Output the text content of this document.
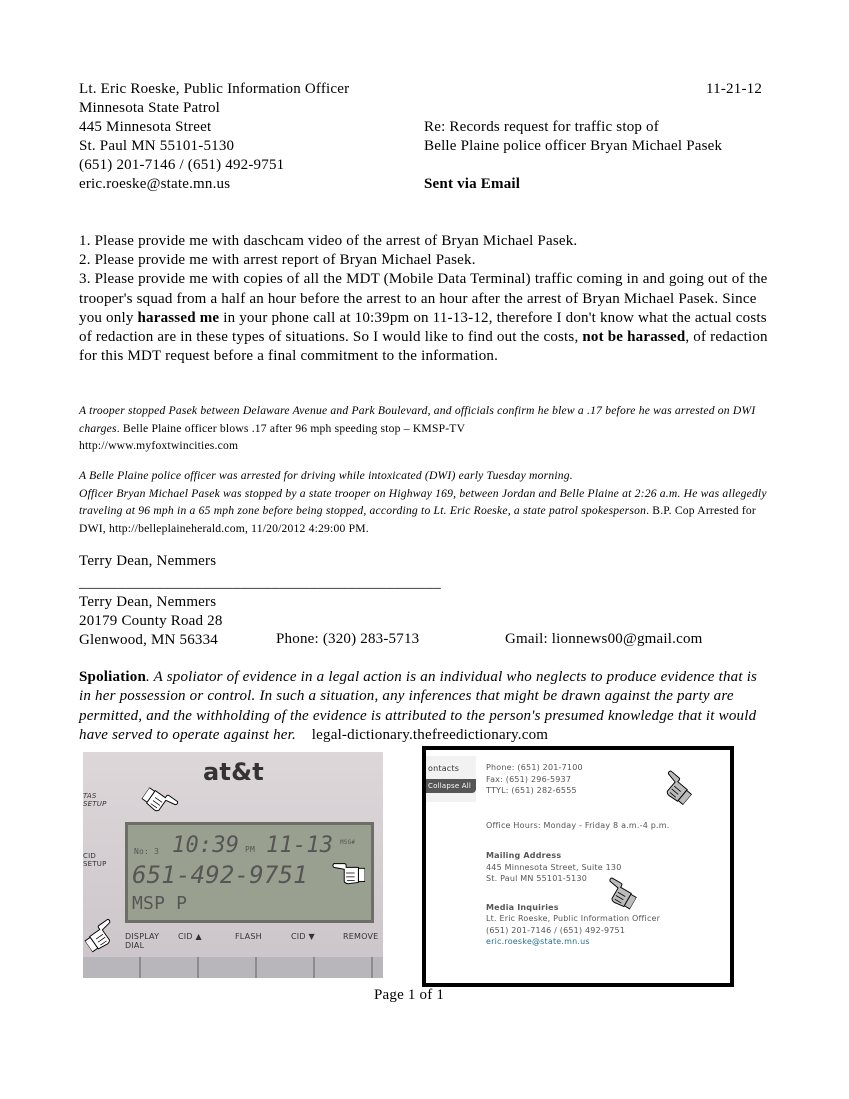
Lt. Eric Roeske, Public Information Officer
Minnesota State Patrol
445 Minnesota Street
St. Paul MN 55101-5130
(651) 201-7146 / (651) 492-9751
eric.roeske@state.mn.us
11-21-12
Re: Records request for traffic stop of
Belle Plaine police officer Bryan Michael Pasek
Sent via Email
1. Please provide me with daschcam video of the arrest of Bryan Michael Pasek.
2. Please provide me with arrest report of Bryan Michael Pasek.
3. Please provide me with copies of all the MDT (Mobile Data Terminal) traffic coming in and going out of the trooper's squad from a half an hour before the arrest to an hour after the arrest of Bryan Michael Pasek. Since you only harassed me in your phone call at 10:39pm on 11-13-12, therefore I don't know what the actual costs of redaction are in these types of situations. So I would like to find out the costs, not be harassed, of redaction for this MDT request before a final commitment to the information.
A trooper stopped Pasek between Delaware Avenue and Park Boulevard, and officials confirm he blew a .17 before he was arrested on DWI charges. Belle Plaine officer blows .17 after 96 mph speeding stop – KMSP-TV
http://www.myfoxtwincities.com
A Belle Plaine police officer was arrested for driving while intoxicated (DWI) early Tuesday morning.
Officer Bryan Michael Pasek was stopped by a state trooper on Highway 169, between Jordan and Belle Plaine at 2:26 a.m. He was allegedly traveling at 96 mph in a 65 mph zone before being stopped, according to Lt. Eric Roeske, a state patrol spokesperson. B.P. Cop Arrested for DWI, http://belleplaineherald.com, 11/20/2012 4:29:00 PM.
Terry Dean, Nemmers
_______________________________________________
Terry Dean, Nemmers
20179 County Road 28
Glenwood, MN 56334	Phone: (320) 283-5713	Gmail: lionnews00@gmail.com
Spoliation. A spoliator of evidence in a legal action is an individual who neglects to produce evidence that is in her possession or control. In such a situation, any inferences that might be drawn against the party are permitted, and the withholding of the evidence is attributed to the person's presumed knowledge that it would have served to operate against her. legal-dictionary.thefreedictionary.com
at&t
TAS SETUP
CID SETUP
No: 3 10:39 PM 11-13 MSG#
651-492-9751
MSP P
DISPLAY DIAL
CID ▲	FLASH	CID ▼	REMOVE
ontacts
Collapse All
Phone: (651) 201-7100
Fax: (651) 296-5937
TTYL: (651) 282-6555
Office Hours: Monday - Friday 8 a.m.-4 p.m.
Mailing Address
445 Minnesota Street, Suite 130
St. Paul MN 55101-5130
Media Inquiries
Lt. Eric Roeske, Public Information Officer
(651) 201-7146 / (651) 492-9751
eric.roeske@state.mn.us
Page 1 of 1
